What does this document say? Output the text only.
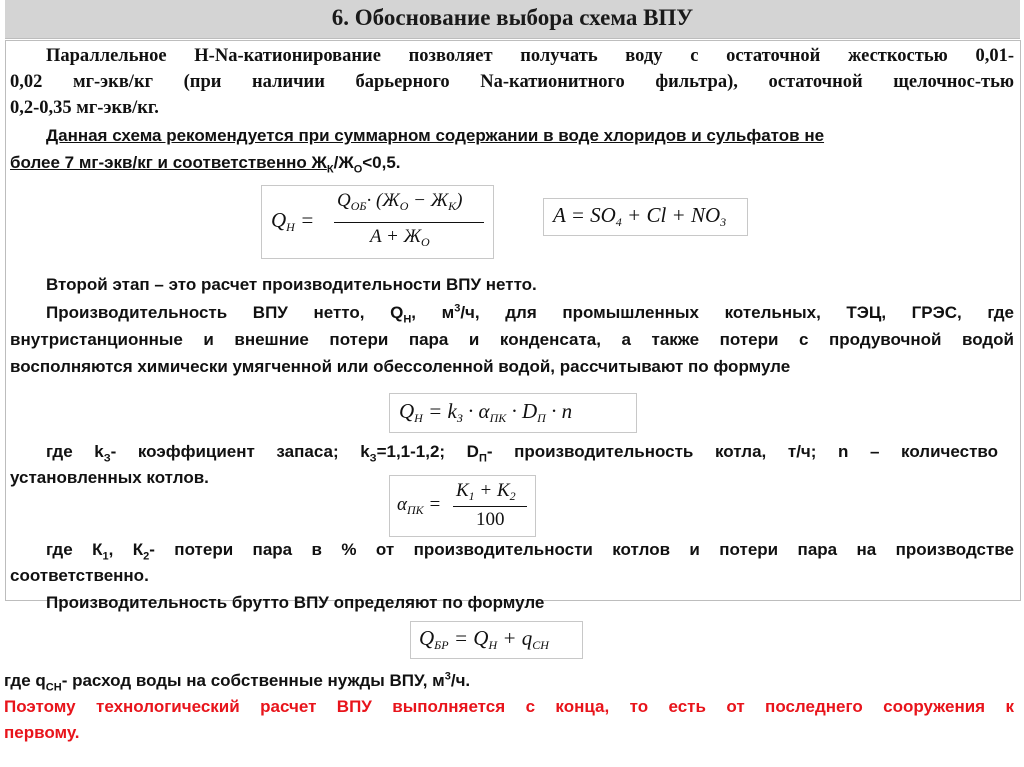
6. Обоснование выбора схема ВПУ
Параллельное H-Na-катионирование позволяет получать воду с остаточной жесткостью 0,01-
0,02 мг-экв/кг (при наличии барьерного Na-катионитного фильтра), остаточной щелочнос-тью
0,2-0,35 мг-экв/кг.
Данная схема рекомендуется при суммарном содержании в воде хлоридов и сульфатов не
более 7 мг-экв/кг и соответственно $Ж_К/Ж_О<0,5$.
QН =
$Q_{ОБ}\cdot (Ж_О - Ж_К)$
$A + Ж_О$
A = SO4 + Cl + NO3
Второй этап – это расчет производительности ВПУ нетто.
Производительность ВПУ нетто, $Q_Н$, $м^3/ч$, для промышленных котельных, ТЭЦ, ГРЭС, где
внутристанционные и внешние потери пара и конденсата, а также потери с продувочной водой
восполняются химически умягченной или обессоленной водой, рассчитывают по формуле
QН = kЗ · αПК · DП · n
где $k_З-$ коэффициент запаса; $k_З=1,1-1,2$; $D_П-$ производительность котла, т/ч; n – количество
установленных котлов.
$\alpha_{ПК}$ =
$К_1 + К_2$
100
где $К_1$, $К_2-$ потери пара в % от производительности котлов и потери пара на производстве
соответственно.
Производительность брутто ВПУ определяют по формуле
QБР = QН + qСН
где $q_{СН}-$ расход воды на собственные нужды ВПУ, $м^3/ч$.
Поэтому технологический расчет ВПУ выполняется с конца, то есть от последнего сооружения к
первому.
